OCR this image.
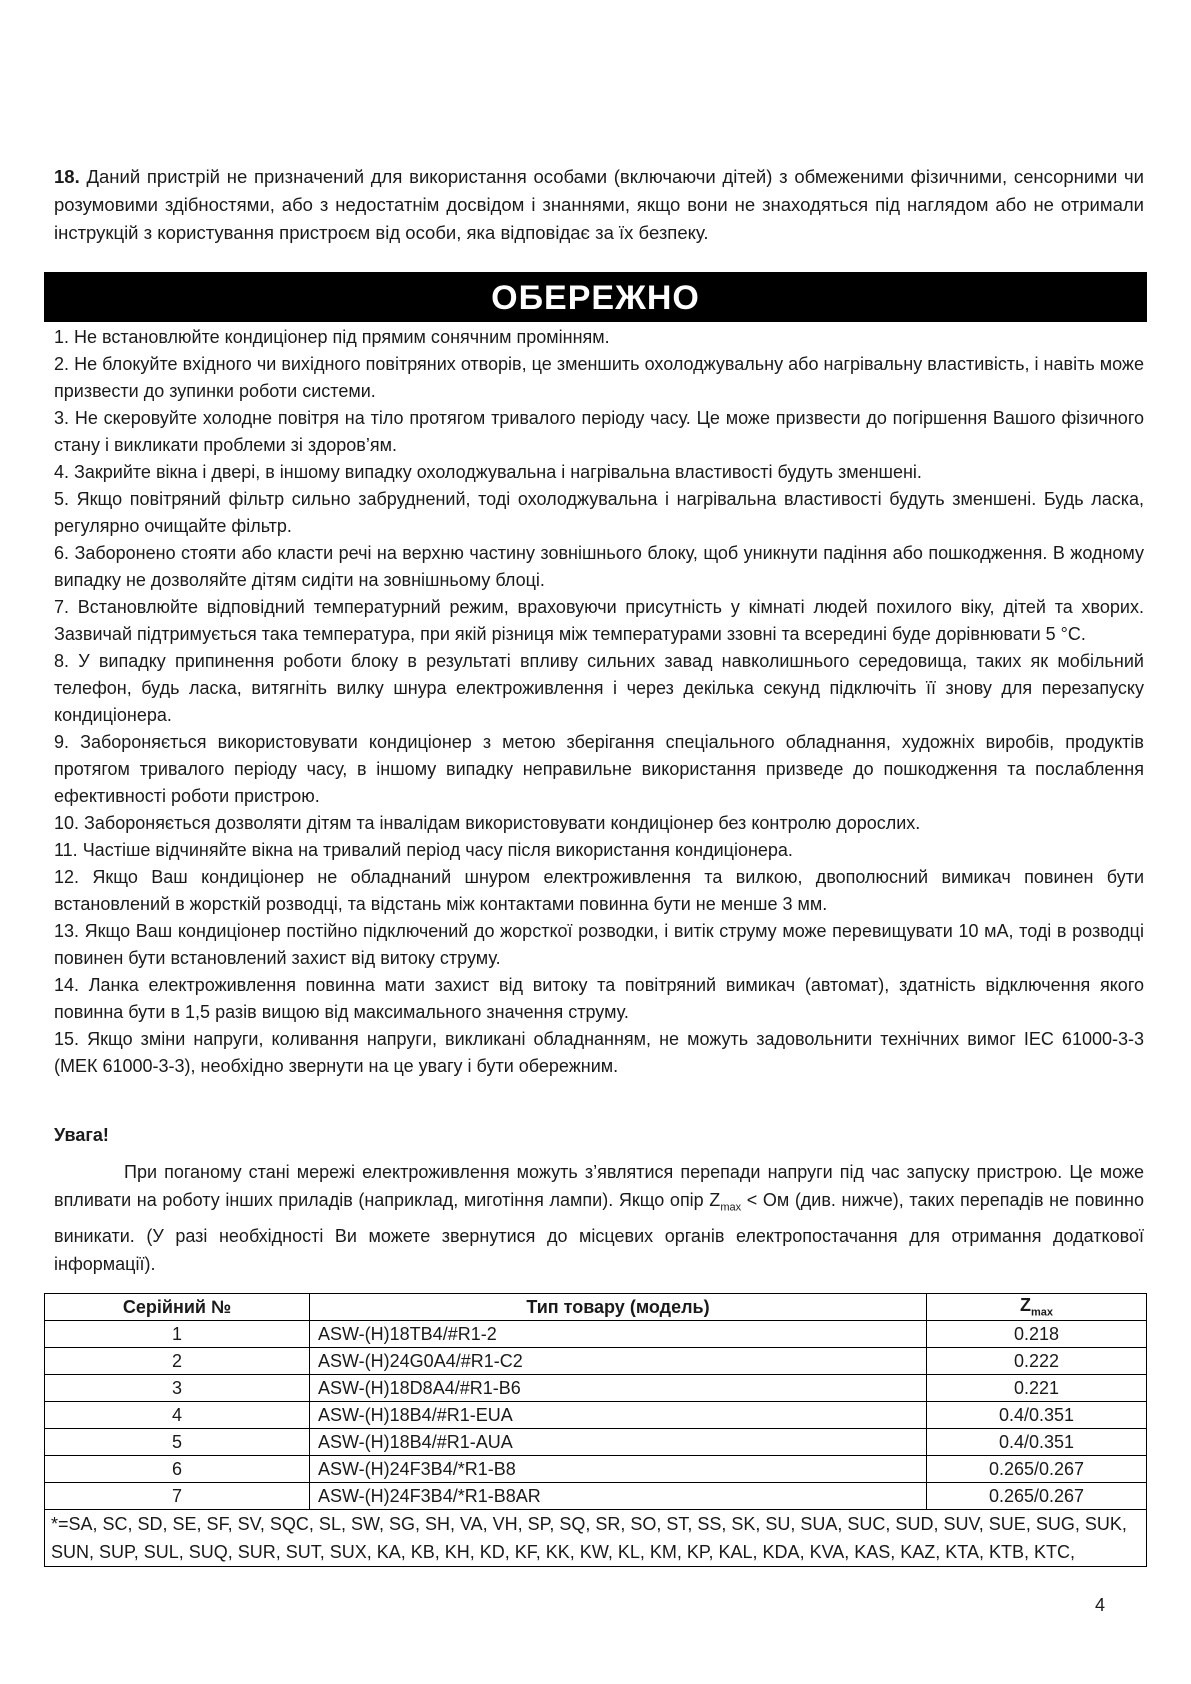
18. Даний пристрій не призначений для використання особами (включаючи дітей) з обмеженими фізичними, сенсорними чи розумовими здібностями, або з недостатнім досвідом і знаннями, якщо вони не знаходяться під наглядом або не отримали інструкцій з користування пристроєм від особи, яка відповідає за їх безпеку.
ОБЕРЕЖНО

1. Не встановлюйте кондиціонер під прямим сонячним промінням.

2. Не блокуйте вхідного чи вихідного повітряних отворів, це зменшить охолоджувальну або нагрівальну властивість, і навіть може призвести до зупинки роботи системи.

3. Не скеровуйте холодне повітря на тіло протягом тривалого періоду часу. Це може призвести до погіршення Вашого фізичного стану і викликати проблеми зі здоров’ям.

4. Закрийте вікна і двері, в іншому випадку охолоджувальна і нагрівальна властивості будуть зменшені.

5. Якщо повітряний фільтр сильно забруднений, тоді охолоджувальна і нагрівальна властивості будуть зменшені. Будь ласка, регулярно очищайте фільтр.

6. Заборонено стояти або класти речі на верхню частину зовнішнього блоку, щоб уникнути падіння або пошкодження. В жодному випадку не дозволяйте дітям сидіти на зовнішньому блоці.

7. Встановлюйте відповідний температурний режим, враховуючи присутність у кімнаті людей похилого віку, дітей та хворих. Зазвичай підтримується така температура, при якій різниця між температурами ззовні та всередині буде дорівнювати 5 °С.

8. У випадку припинення роботи блоку в результаті впливу сильних завад навколишнього середовища, таких як мобільний телефон, будь ласка, витягніть вилку шнура електроживлення і через декілька секунд підключіть її знову для перезапуску кондиціонера.

9. Забороняється використовувати кондиціонер з метою зберігання спеціального обладнання, художніх виробів, продуктів протягом тривалого періоду часу, в іншому випадку неправильне використання призведе до пошкодження та послаблення ефективності роботи пристрою.

10. Забороняється дозволяти дітям та інвалідам використовувати кондиціонер без контролю дорослих.

11. Частіше відчиняйте вікна на тривалий період часу після використання кондиціонера.

12. Якщо Ваш кондиціонер не обладнаний шнуром електроживлення та вилкою, двополюсний вимикач повинен бути встановлений в жорсткій розводці, та відстань між контактами повинна бути не менше 3 мм.

13. Якщо Ваш кондиціонер постійно підключений до жорсткої розводки, і витік струму може перевищувати 10 мА, тоді в розводці повинен бути встановлений захист від витоку струму.

14. Ланка електроживлення повинна мати захист від витоку та повітряний вимикач (автомат), здатність відключення якого повинна бути в 1,5 разів вищою від максимального значення струму.

15. Якщо зміни напруги, коливання напруги, викликані обладнанням, не можуть задовольнити технічних вимог IEC 61000-3-3 (МЕК 61000-3-3), необхідно звернути на це увагу і бути обережним.

Увага!
При поганому стані мережі електроживлення можуть з’являтися перепади напруги під час запуску пристрою. Це може впливати на роботу інших приладів (наприклад, миготіння лампи). Якщо опір $Z_{max}$ < Ом (див. нижче), таких перепадів не повинно виникати. (У разі необхідності Ви можете звернутися до місцевих органів електропостачання для отримання додаткової інформації).
Серійний №	Тип товару (модель)	$Z_{max}$
1	ASW-(H)18TB4/#R1-2	0.218
2	ASW-(H)24G0A4/#R1-C2	0.222
3	ASW-(H)18D8A4/#R1-B6	0.221
4	ASW-(H)18B4/#R1-EUA	0.4/0.351
5	ASW-(H)18B4/#R1-AUA	0.4/0.351
6	ASW-(H)24F3B4/*R1-B8	0.265/0.267
7	ASW-(H)24F3B4/*R1-B8AR	0.265/0.267
*=SA, SC, SD, SE, SF, SV, SQC, SL, SW, SG, SH, VA, VH, SP, SQ, SR, SO, ST, SS, SK, SU, SUA, SUC, SUD, SUV, SUE, SUG, SUK, SUN, SUP, SUL, SUQ, SUR, SUT, SUX, KA, KB, KH, KD, KF, KK, KW, KL, KM, KP, KAL, KDA, KVA, KAS, KAZ, KTA, KTB, KTC,		
4
